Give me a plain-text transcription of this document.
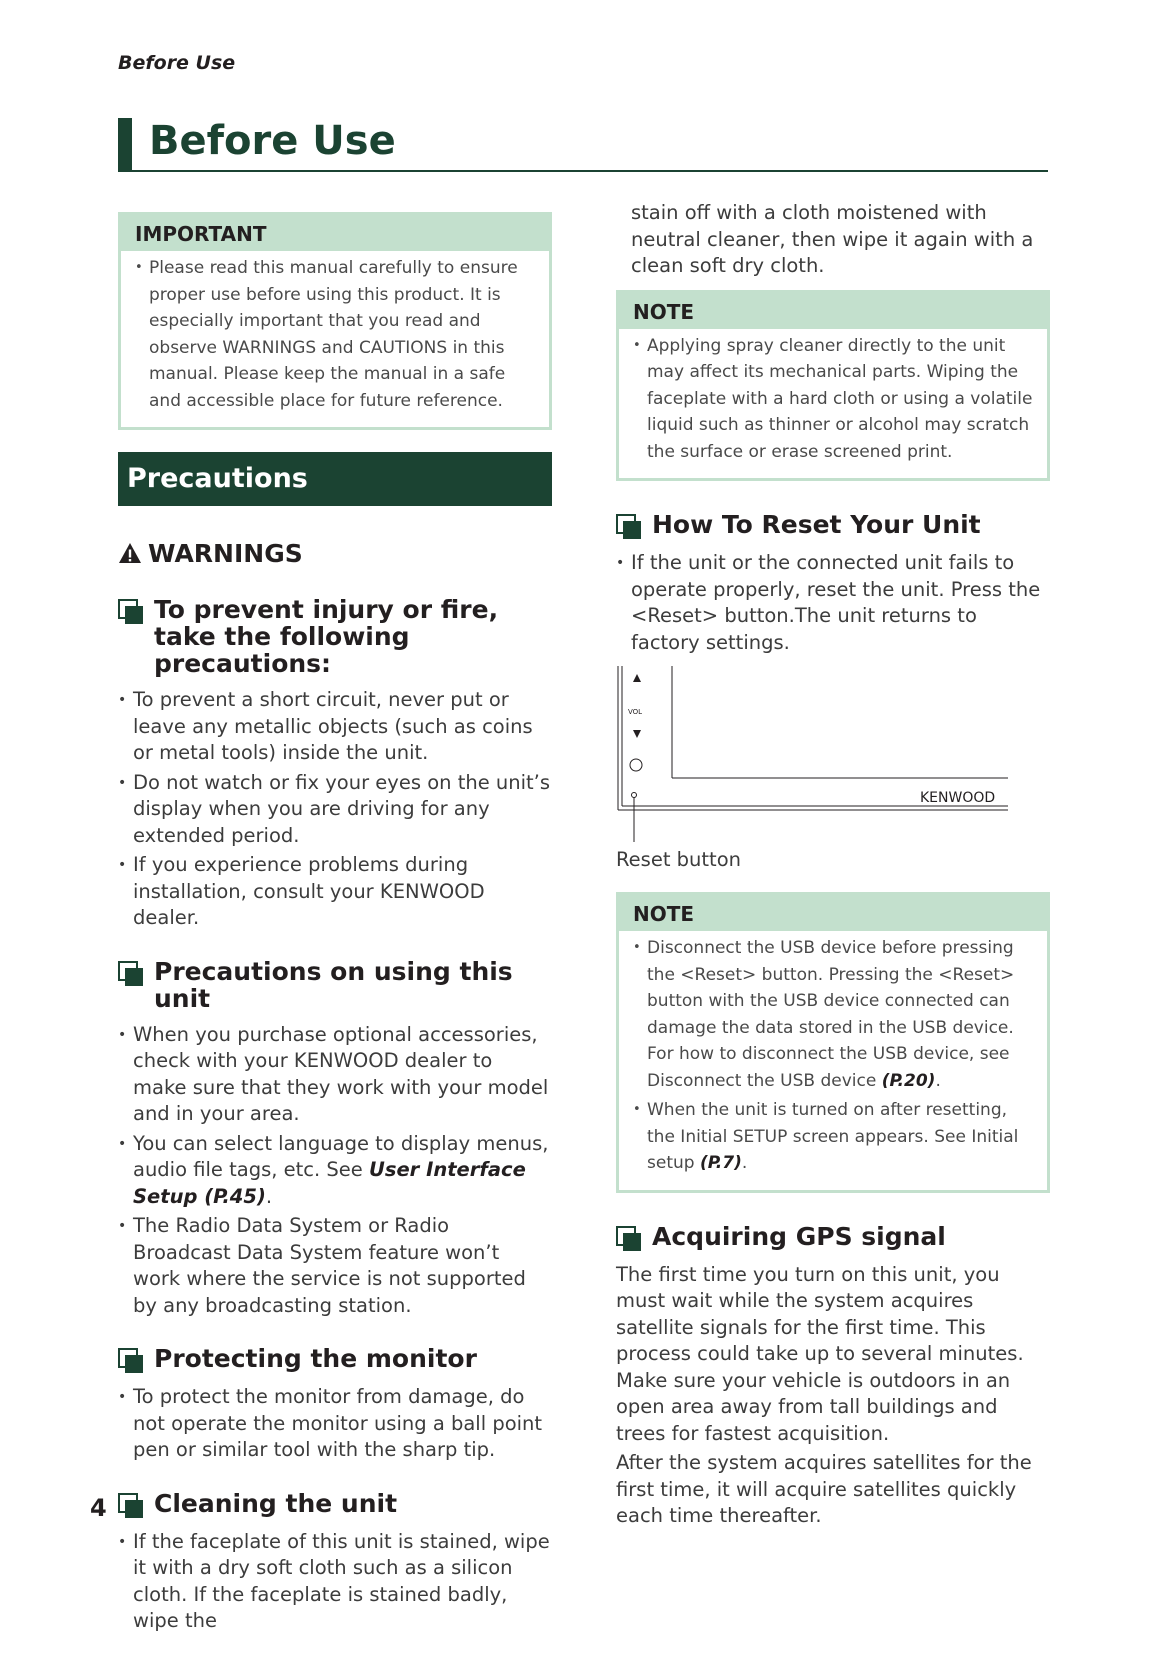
Before Use
Before Use
IMPORTANT
• Please read this manual carefully to ensure proper use before using this product. It is especially important that you read and observe WARNINGS and CAUTIONS in this manual. Please keep the manual in a safe and accessible place for future reference.
Precautions
WARNINGS
To prevent injury or fire, take the following precautions:
• To prevent a short circuit, never put or leave any metallic objects (such as coins or metal tools) inside the unit.
• Do not watch or fix your eyes on the unit’s display when you are driving for any extended period.
• If you experience problems during installation, consult your KENWOOD dealer.
Precautions on using this unit
• When you purchase optional accessories, check with your KENWOOD dealer to make sure that they work with your model and in your area.
• You can select language to display menus, audio file tags, etc. See User Interface Setup (P.45).
• The Radio Data System or Radio Broadcast Data System feature won’t work where the service is not supported by any broadcasting station.
Protecting the monitor
• To protect the monitor from damage, do not operate the monitor using a ball point pen or similar tool with the sharp tip.
Cleaning the unit
• If the faceplate of this unit is stained, wipe it with a dry soft cloth such as a silicon cloth. If the faceplate is stained badly, wipe the
stain off with a cloth moistened with neutral cleaner, then wipe it again with a clean soft dry cloth.
NOTE
• Applying spray cleaner directly to the unit may affect its mechanical parts. Wiping the faceplate with a hard cloth or using a volatile liquid such as thinner or alcohol may scratch the surface or erase screened print.
How To Reset Your Unit
• If the unit or the connected unit fails to operate properly, reset the unit. Press the <Reset> button.The unit returns to factory settings.
VOL
KENWOOD
Reset button
NOTE
• Disconnect the USB device before pressing the <Reset> button. Pressing the <Reset> button with the USB device connected can damage the data stored in the USB device. For how to disconnect the USB device, see Disconnect the USB device (P.20).
• When the unit is turned on after resetting, the Initial SETUP screen appears. See Initial setup (P.7).
Acquiring GPS signal
The first time you turn on this unit, you must wait while the system acquires satellite signals for the first time. This process could take up to several minutes. Make sure your vehicle is outdoors in an open area away from tall buildings and trees for fastest acquisition.
After the system acquires satellites for the first time, it will acquire satellites quickly each time thereafter.
4
